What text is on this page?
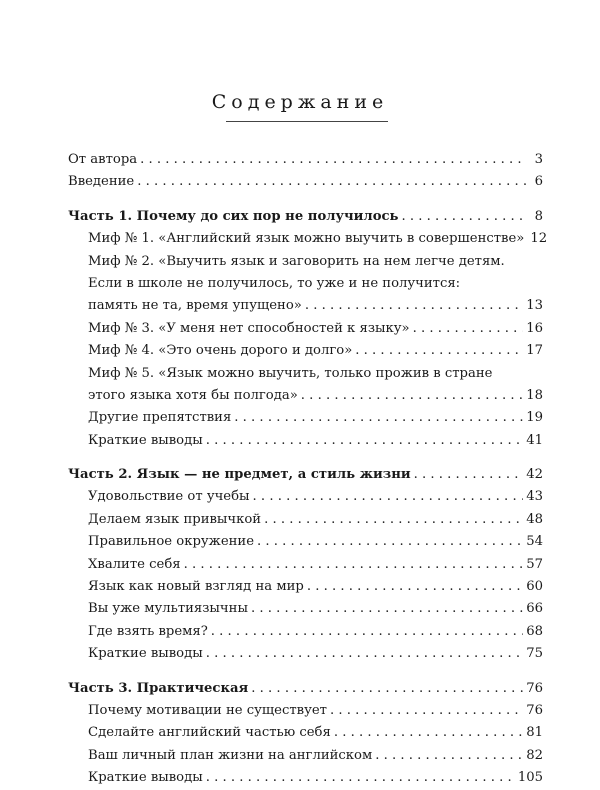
Содержание
От автора . . .	3
Введение . . .	6
Часть 1. Почему до сих пор не получилось . . .	8
Миф № 1. «Английский язык можно выучить в совершенстве» 12
Миф № 2. «Выучить язык и заговорить на нем легче детям.
Если в школе не получилось, то уже и не получится:
память не та, время упущено» . . .	13
Миф № 3. «У меня нет способностей к языку» . . .	16
Миф № 4. «Это очень дорого и долго» . . .	17
Миф № 5. «Язык можно выучить, только прожив в стране
этого языка хотя бы полгода» . . .	18
Другие препятствия . . .	19
Краткие выводы . . .	41
Часть 2. Язык — не предмет, а стиль жизни . . .	42
Удовольствие от учебы . . .	43
Делаем язык привычкой . . .	48
Правильное окружение . . .	54
Хвалите себя . . .	57
Язык как новый взгляд на мир . . .	60
Вы уже мультиязычны . . .	66
Где взять время? . . .	68
Краткие выводы . . .	75
Часть 3. Практическая . . .	76
Почему мотивации не существует . . .	76
Сделайте английский частью себя . . .	81
Ваш личный план жизни на английском . . .	82
Краткие выводы . . .	105
